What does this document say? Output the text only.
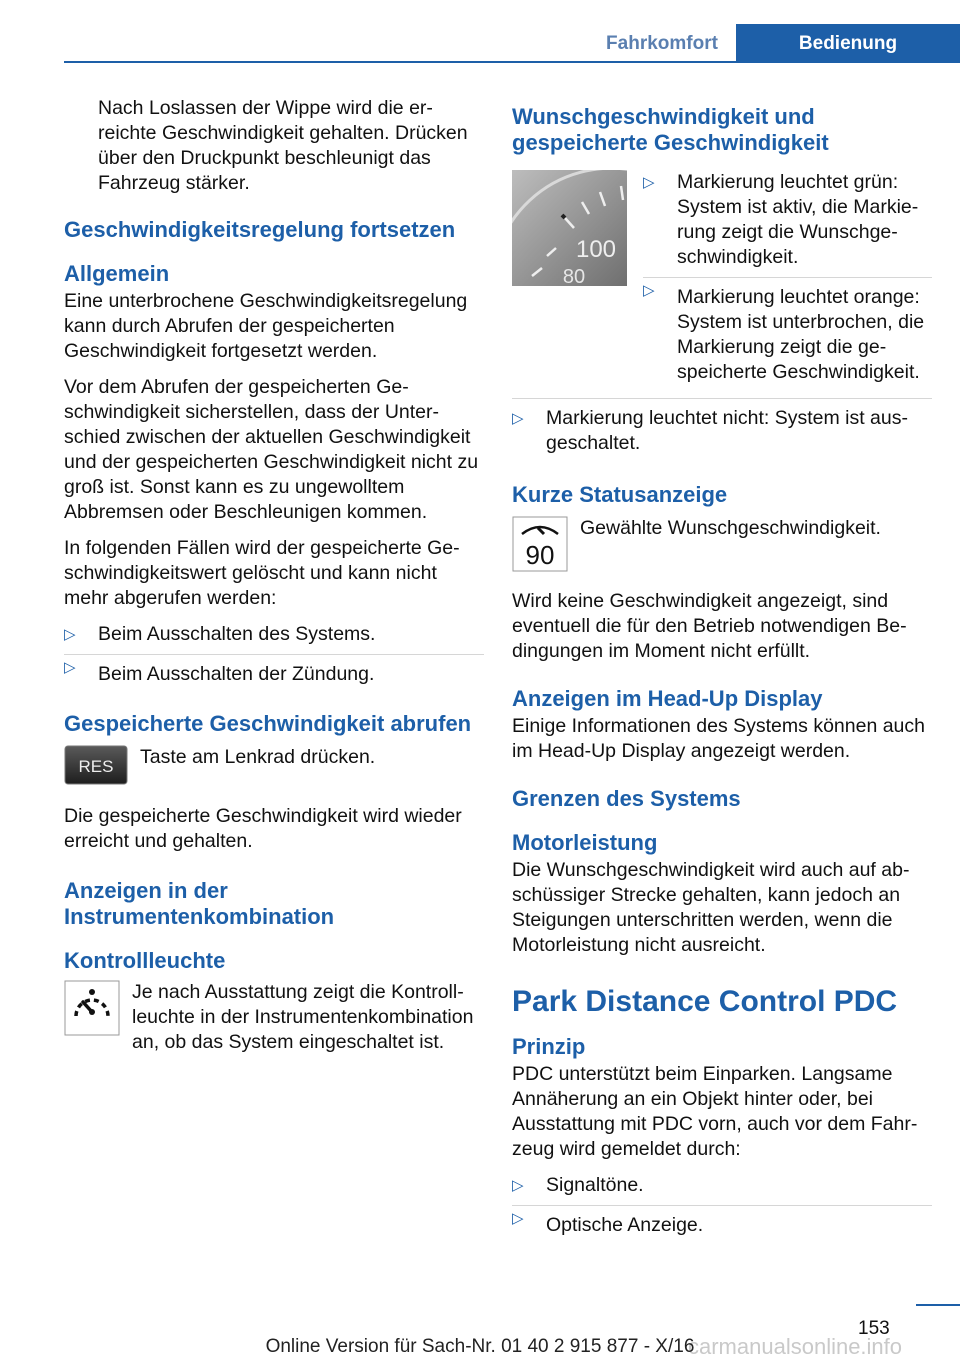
Fahrkomfort	Bedienung

Nach Loslassen der Wippe wird die erreichte Geschwindigkeit gehalten. Drücken über den Druckpunkt beschleunigt das Fahrzeug stärker.

Geschwindigkeitsregelung fortsetzen
Allgemein

Eine unterbrochene Geschwindigkeitsregelung kann durch Abrufen der gespeicherten Geschwindigkeit fortgesetzt werden.

Vor dem Abrufen der gespeicherten Geschwindigkeit sicherstellen, dass der Unterschied zwischen der aktuellen Geschwindigkeit und der gespeicherten Geschwindigkeit nicht zu groß ist. Sonst kann es zu ungewolltem Abbremsen oder Beschleunigen kommen.

In folgenden Fällen wird der gespeicherte Geschwindigkeitswert gelöscht und kann nicht mehr abgerufen werden:

▷	Beim Ausschalten des Systems.
▷	Beim Ausschalten der Zündung.
Gespeicherte Geschwindigkeit abrufen
RES	Taste am Lenkrad drücken.

Die gespeicherte Geschwindigkeit wird wieder erreicht und gehalten.

Anzeigen in der Instrumentenkombination
Kontrollleuchte

Je nach Ausstattung zeigt die Kontrollleuchte in der Instrumentenkombination an, ob das System eingeschaltet ist.

Wunschgeschwindigkeit und gespeicherte Geschwindigkeit
100
80
▷	Markierung leuchtet grün: System ist aktiv, die Markierung zeigt die Wunschgeschwindigkeit.
▷	Markierung leuchtet orange: System ist unterbrochen, die Markierung zeigt die gespeicherte Geschwindigkeit.
▷	Markierung leuchtet nicht: System ist ausgeschaltet.
Kurze Statusanzeige
90

Gewählte Wunschgeschwindigkeit.

Wird keine Geschwindigkeit angezeigt, sind eventuell die für den Betrieb notwendigen Bedingungen im Moment nicht erfüllt.

Anzeigen im Head-Up Display

Einige Informationen des Systems können auch im Head-Up Display angezeigt werden.

Grenzen des Systems
Motorleistung

Die Wunschgeschwindigkeit wird auch auf abschüssiger Strecke gehalten, kann jedoch an Steigungen unterschritten werden, wenn die Motorleistung nicht ausreicht.

Park Distance Control PDC
Prinzip

PDC unterstützt beim Einparken. Langsame Annäherung an ein Objekt hinter oder, bei Ausstattung mit PDC vorn, auch vor dem Fahrzeug wird gemeldet durch:

▷	Signaltöne.
▷	Optische Anzeige.
153
carmanualsonline.info
Online Version für Sach-Nr. 01 40 2 915 877 - X/16
